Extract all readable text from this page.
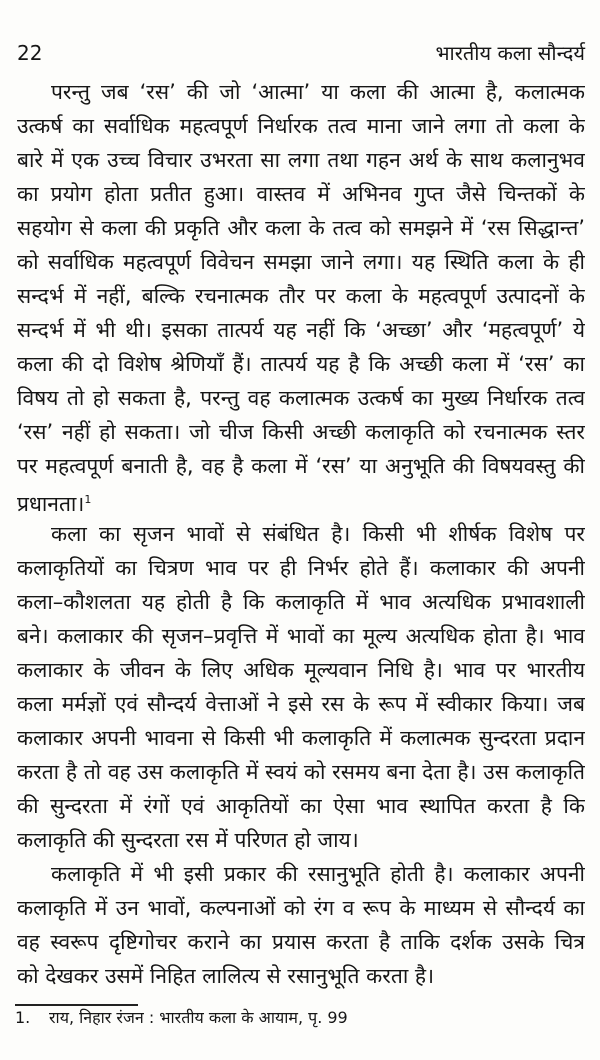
22	भारतीय कला सौन्दर्य
परन्तु जब ‘रस’ की जो ‘आत्मा’ या कला की आत्मा है, कलात्मक
उत्कर्ष का सर्वाधिक महत्वपूर्ण निर्धारक तत्व माना जाने लगा तो कला के
बारे में एक उच्च विचार उभरता सा लगा तथा गहन अर्थ के साथ कलानुभव
का प्रयोग होता प्रतीत हुआ। वास्तव में अभिनव गुप्त जैसे चिन्तकों के
सहयोग से कला की प्रकृति और कला के तत्व को समझने में ‘रस सिद्धान्त’
को सर्वाधिक महत्वपूर्ण विवेचन समझा जाने लगा। यह स्थिति कला के ही
सन्दर्भ में नहीं, बल्कि रचनात्मक तौर पर कला के महत्वपूर्ण उत्पादनों के
सन्दर्भ में भी थी। इसका तात्पर्य यह नहीं कि ‘अच्छा’ और ‘महत्वपूर्ण’ ये
कला की दो विशेष श्रेणियाँ हैं। तात्पर्य यह है कि अच्छी कला में ‘रस’ का
विषय तो हो सकता है, परन्तु वह कलात्मक उत्कर्ष का मुख्य निर्धारक तत्व
‘रस’ नहीं हो सकता। जो चीज किसी अच्छी कलाकृति को रचनात्मक स्तर
पर महत्वपूर्ण बनाती है, वह है कला में ‘रस’ या अनुभूति की विषयवस्तु की
प्रधानता।$^1$
कला का सृजन भावों से संबंधित है। किसी भी शीर्षक विशेष पर
कलाकृतियों का चित्रण भाव पर ही निर्भर होते हैं। कलाकार की अपनी
कला–कौशलता यह होती है कि कलाकृति में भाव अत्यधिक प्रभावशाली
बने। कलाकार की सृजन–प्रवृत्ति में भावों का मूल्य अत्यधिक होता है। भाव
कलाकार के जीवन के लिए अधिक मूल्यवान निधि है। भाव पर भारतीय
कला मर्मज्ञों एवं सौन्दर्य वेत्ताओं ने इसे रस के रूप में स्वीकार किया। जब
कलाकार अपनी भावना से किसी भी कलाकृति में कलात्मक सुन्दरता प्रदान
करता है तो वह उस कलाकृति में स्वयं को रसमय बना देता है। उस कलाकृति
की सुन्दरता में रंगों एवं आकृतियों का ऐसा भाव स्थापित करता है कि
कलाकृति की सुन्दरता रस में परिणत हो जाय।
कलाकृति में भी इसी प्रकार की रसानुभूति होती है। कलाकार अपनी
कलाकृति में उन भावों, कल्पनाओं को रंग व रूप के माध्यम से सौन्दर्य का
वह स्वरूप दृष्टिगोचर कराने का प्रयास करता है ताकि दर्शक उसके चित्र
को देखकर उसमें निहित लालित्य से रसानुभूति करता है।
1. राय, निहार रंजन : भारतीय कला के आयाम, पृ. 99
